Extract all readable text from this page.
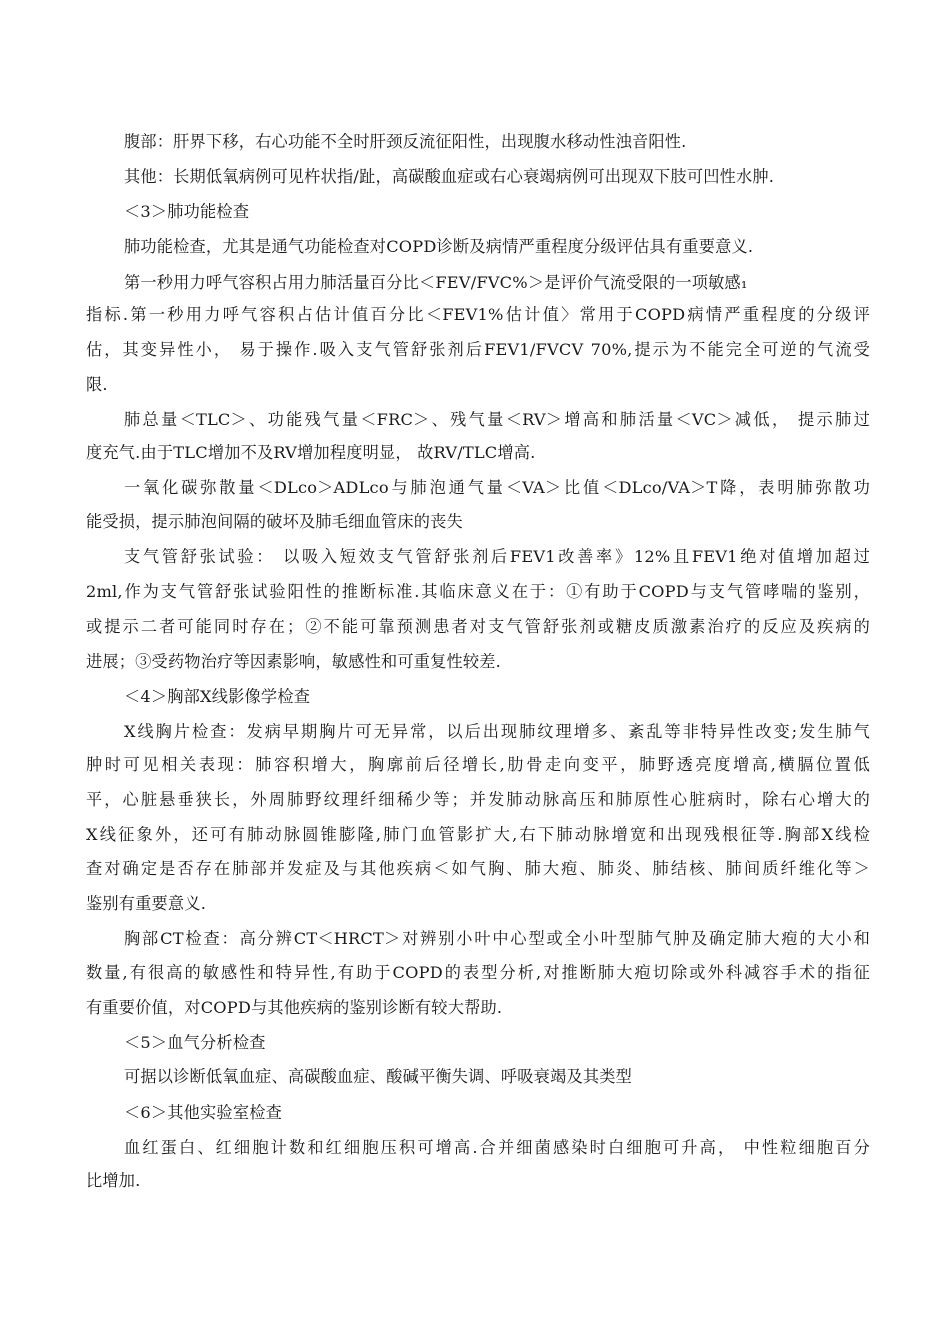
腹部：肝界下移，右心功能不全时肝颈反流征阳性，出现腹水移动性浊音阳性.
其他：长期低氧病例可见杵状指/趾，高碳酸血症或右心衰竭病例可出现双下肢可凹性水肿.
＜3＞肺功能检查
肺功能检查，尤其是通气功能检查对COPD诊断及病情严重程度分级评估具有重要意义.
第一秒用力呼气容积占用力肺活量百分比＜FEV/FVC%＞是评价气流受限的一项敏感₁
指标.第一秒用力呼气容积占估计值百分比＜FEV1%估计值〉常用于COPD病情严重程度的分级评
估，其变异性小， 易于操作.吸入支气管舒张剂后FEV1/FVCV 70%,提示为不能完全可逆的气流受
限.
肺总量＜TLC＞、功能残气量＜FRC＞、残气量＜RV＞增高和肺活量＜VC＞减低， 提示肺过
度充气.由于TLC增加不及RV增加程度明显， 故RV/TLC增高.
一氧化碳弥散量＜DLco＞ADLco与肺泡通气量＜VA＞比值＜DLco/VA＞T降，表明肺弥散功
能受损，提示肺泡间隔的破坏及肺毛细血管床的丧失
支气管舒张试验： 以吸入短效支气管舒张剂后FEV1改善率》12%且FEV1绝对值增加超过
2ml,作为支气管舒张试验阳性的推断标准.其临床意义在于：①有助于COPD与支气管哮喘的鉴别，
或提示二者可能同时存在；②不能可靠预测患者对支气管舒张剂或糖皮质激素治疗的反应及疾病的
进展；③受药物治疗等因素影响，敏感性和可重复性较差.
＜4＞胸部X线影像学检查
X线胸片检查：发病早期胸片可无异常，以后出现肺纹理增多、紊乱等非特异性改变;发生肺气
肿时可见相关表现：肺容积增大，胸廓前后径增长,肋骨走向变平，肺野透亮度增高,横膈位置低
平，心脏悬垂狭长，外周肺野纹理纤细稀少等；并发肺动脉高压和肺原性心脏病时，除右心增大的
X线征象外，还可有肺动脉圆锥膨隆,肺门血管影扩大,右下肺动脉增宽和出现残根征等.胸部X线检
查对确定是否存在肺部并发症及与其他疾病＜如气胸、肺大疱、肺炎、肺结核、肺间质纤维化等＞
鉴别有重要意义.
胸部CT检查：高分辨CT＜HRCT＞对辨别小叶中心型或全小叶型肺气肿及确定肺大疱的大小和
数量,有很高的敏感性和特异性,有助于COPD的表型分析,对推断肺大疱切除或外科减容手术的指征
有重要价值，对COPD与其他疾病的鉴别诊断有较大帮助.
＜5＞血气分析检查
可据以诊断低氧血症、高碳酸血症、酸碱平衡失调、呼吸衰竭及其类型
＜6＞其他实验室检查
血红蛋白、红细胞计数和红细胞压积可增高.合并细菌感染时白细胞可升高， 中性粒细胞百分
比增加.
